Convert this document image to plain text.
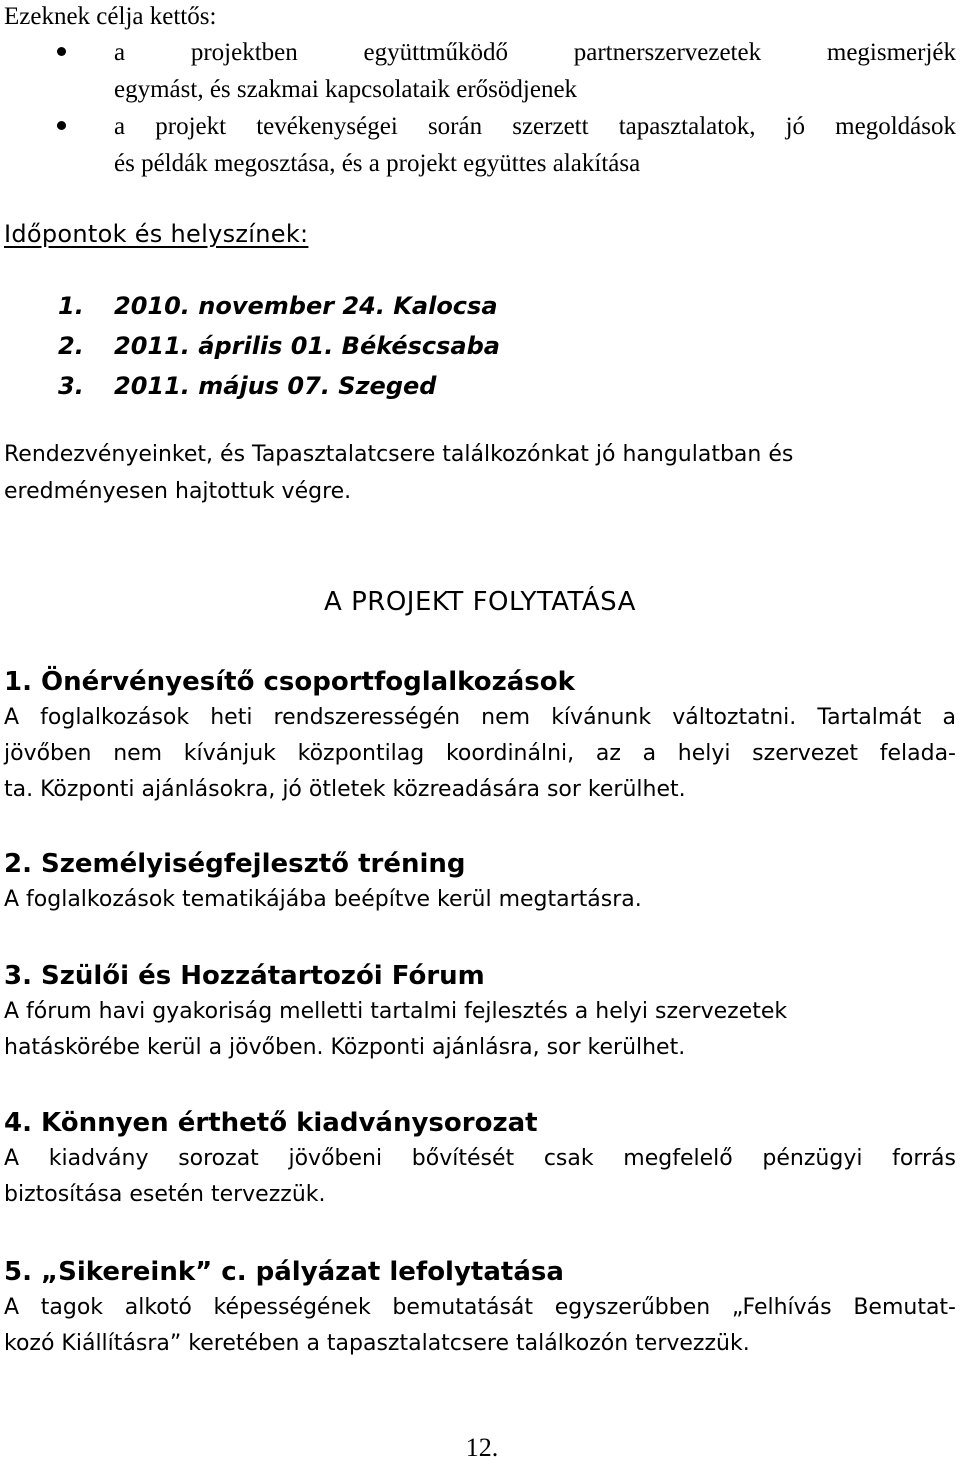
Ezeknek célja kettős:

a projektben együttműködő partnerszervezetek megismerjék
egymást, és szakmai kapcsolataik erősödjenek
a projekt tevékenységei során szerzett tapasztalatok, jó megoldások
és példák megosztása, és a projekt együttes alakítása
Időpontok és helyszínek:
1. 2010. november 24. Kalocsa
2. 2011. április 01. Békéscsaba
3. 2011. május 07. Szeged

Rendezvényeinket, és Tapasztalatcsere találkozónkat jó hangulatban és eredményesen hajtottuk végre.

A PROJEKT FOLYTATÁSA
1. Önérvényesítő csoportfoglalkozások

A foglalkozások heti rendszerességén nem kívánunk változtatni. Tartalmát a
jövőben nem kívánjuk központilag koordinálni, az a helyi szervezet felada-
ta. Központi ajánlásokra, jó ötletek közreadására sor kerülhet.

2. Személyiségfejlesztő tréning

A foglalkozások tematikájába beépítve kerül megtartásra.

3. Szülői és Hozzátartozói Fórum

A fórum havi gyakoriság melletti tartalmi fejlesztés a helyi szervezetek
hatáskörébe kerül a jövőben. Központi ajánlásra, sor kerülhet.

4. Könnyen érthető kiadványsorozat

A kiadvány sorozat jövőbeni bővítését csak megfelelő pénzügyi forrás
biztosítása esetén tervezzük.

5. „Sikereink” c. pályázat lefolytatása

A tagok alkotó képességének bemutatását egyszerűbben „Felhívás Bemutat-
kozó Kiállításra” keretében a tapasztalatcsere találkozón tervezzük.

12.
